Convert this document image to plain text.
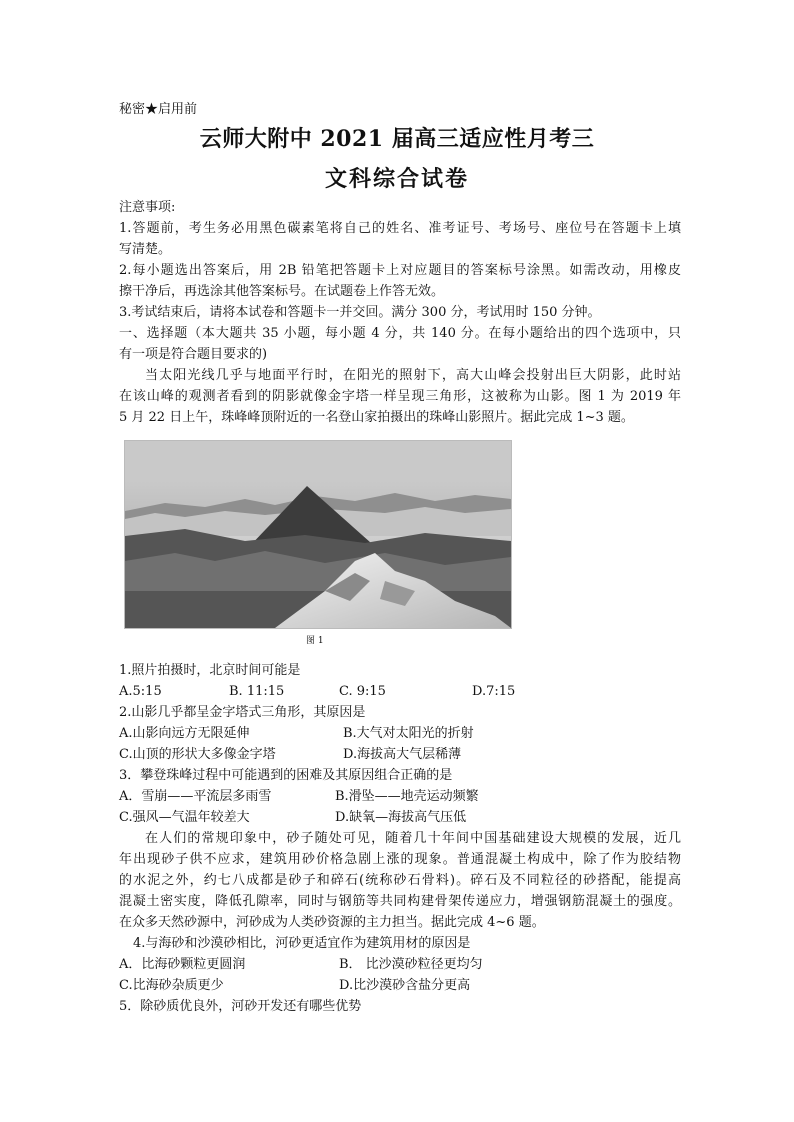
秘密★启用前
云师大附中 2021 届高三适应性月考三
文科综合试卷
注意事项:
1.答题前，考生务必用黑色碳素笔将自己的姓名、准考证号、考场号、座位号在答题卡上填
写清楚。
2.每小题选出答案后，用 2B 铅笔把答题卡上对应题目的答案标号涂黑。如需改动，用橡皮
擦干净后，再选涂其他答案标号。在试题卷上作答无效。
3.考试结束后，请将本试卷和答题卡一并交回。满分 300 分，考试用时 150 分钟。
一、选择题（本大题共 35 小题，每小题 4 分，共 140 分。在每小题给出的四个选项中，只
有一项是符合题目要求的)
当太阳光线几乎与地面平行时，在阳光的照射下，高大山峰会投射出巨大阴影，此时站
在该山峰的观测者看到的阴影就像金字塔一样呈现三角形，这被称为山影。图 1 为 2019 年
5 月 22 日上午，珠峰峰顶附近的一名登山家拍摄出的珠峰山影照片。据此完成 1~3 题。
图 1
1.照片拍摄时，北京时间可能是
A.5:15	B. 11:15	C. 9:15	D.7:15
2.山影几乎都呈金字塔式三角形，其原因是
A.山影向远方无限延伸	B.大气对太阳光的折射
C.山顶的形状大多像金字塔	D.海拔高大气层稀薄
3．攀登珠峰过程中可能遇到的困难及其原因组合正确的是
A．雪崩——平流层多雨雪	B.滑坠——地壳运动频繁
C.强风—气温年较差大	D.缺氧—海拔高气压低
在人们的常规印象中，砂子随处可见，随着几十年间中国基础建设大规模的发展，近几
年出现砂子供不应求，建筑用砂价格急剧上涨的现象。普通混凝土构成中，除了作为胶结物
的水泥之外，约七八成都是砂子和碎石(统称砂石骨料)。碎石及不同粒径的砂搭配，能提高
混凝土密实度，降低孔隙率，同时与钢筋等共同构建骨架传递应力，增强钢筋混凝土的强度。
在众多天然砂源中，河砂成为人类砂资源的主力担当。据此完成 4~6 题。
4.与海砂和沙漠砂相比，河砂更适宜作为建筑用材的原因是
A．比海砂颗粒更圆润	B． 比沙漠砂粒径更均匀
C.比海砂杂质更少	D.比沙漠砂含盐分更高
5．除砂质优良外，河砂开发还有哪些优势
